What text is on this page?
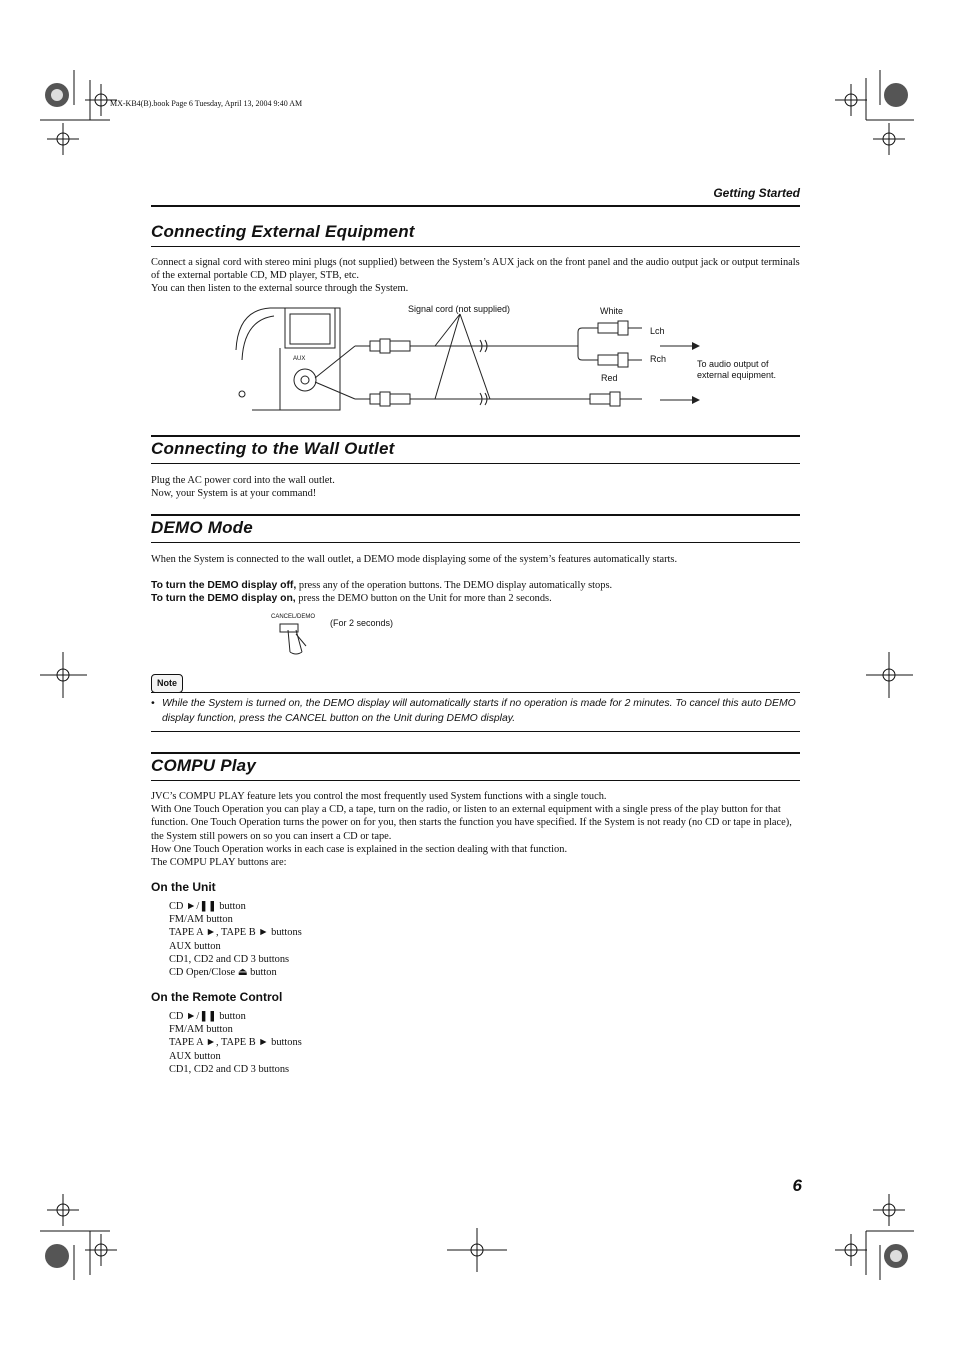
MX-KB4(B).book Page 6 Tuesday, April 13, 2004 9:40 AM
Getting Started
Connecting External Equipment

Connect a signal cord with stereo mini plugs (not supplied) between the System’s AUX jack on the front panel and the audio output jack or output terminals of the external portable CD, MD player, STB, etc.

You can then listen to the external source through the System.

Signal cord (not supplied)	White
Lch
Rch
Red
AUX	To audio output of
external equipment.
Connecting to the Wall Outlet

Plug the AC power cord into the wall outlet.

Now, your System is at your command!

DEMO Mode
When the System is connected to the wall outlet, a DEMO mode displaying some of the system’s features automatically starts.

To turn the DEMO display off, press any of the operation buttons. The DEMO display automatically stops.

To turn the DEMO display on, press the DEMO button on the Unit for more than 2 seconds.

CANCEL/DEMO
(For 2 seconds)
Note
• While the System is turned on, the DEMO display will automatically starts if no operation is made for 2 minutes. To cancel this auto DEMO display function, press the CANCEL button on the Unit during DEMO display.
COMPU Play

JVC’s COMPU PLAY feature lets you control the most frequently used System functions with a single touch.

With One Touch Operation you can play a CD, a tape, turn on the radio, or listen to an external equipment with a single press of the play button for that function. One Touch Operation turns the power on for you, then starts the function you have specified. If the System is not ready (no CD or tape in place), the System still powers on so you can insert a CD or tape.

How One Touch Operation works in each case is explained in the section dealing with that function.

The COMPU PLAY buttons are:

On the Unit
CD ►/❚❚ button
FM/AM button
TAPE A ►, TAPE B ► buttons
AUX button
CD1, CD2 and CD 3 buttons
CD Open/Close ⏏ button
On the Remote Control
CD ►/❚❚ button
FM/AM button
TAPE A ►, TAPE B ► buttons
AUX button
CD1, CD2 and CD 3 buttons
6
